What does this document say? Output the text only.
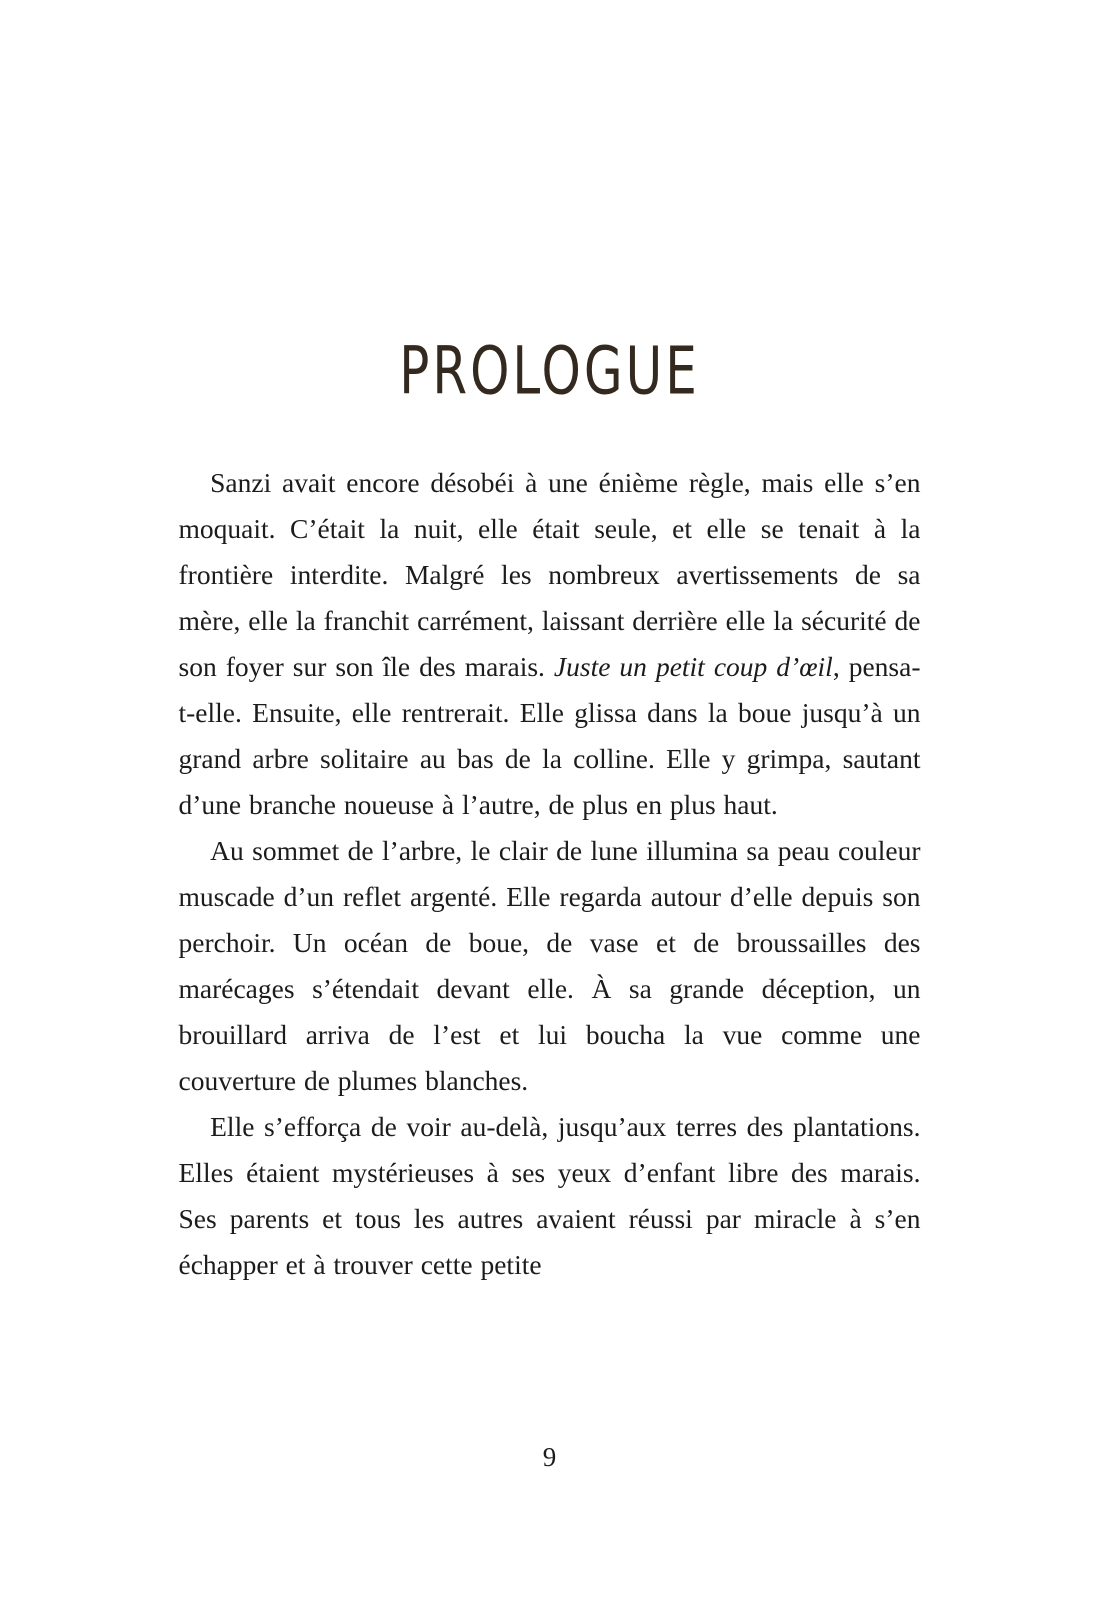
PROLOGUE

Sanzi avait encore désobéi à une énième règle, mais elle s’en moquait. C’était la nuit, elle était seule, et elle se tenait à la frontière interdite. Malgré les nombreux avertissements de sa mère, elle la franchit carrément, laissant derrière elle la sécurité de son foyer sur son île des marais. Juste un petit coup d’œil, pensa-t-elle. Ensuite, elle rentrerait. Elle glissa dans la boue jusqu’à un grand arbre solitaire au bas de la colline. Elle y grimpa, sautant d’une branche noueuse à l’autre, de plus en plus haut.

Au sommet de l’arbre, le clair de lune illumina sa peau couleur muscade d’un reflet argenté. Elle regarda autour d’elle depuis son perchoir. Un océan de boue, de vase et de broussailles des marécages s’étendait devant elle. À sa grande déception, un brouillard arriva de l’est et lui boucha la vue comme une couverture de plumes blanches.

Elle s’efforça de voir au-delà, jusqu’aux terres des plantations. Elles étaient mystérieuses à ses yeux d’enfant libre des marais. Ses parents et tous les autres avaient réussi par miracle à s’en échapper et à trouver cette petite

9
